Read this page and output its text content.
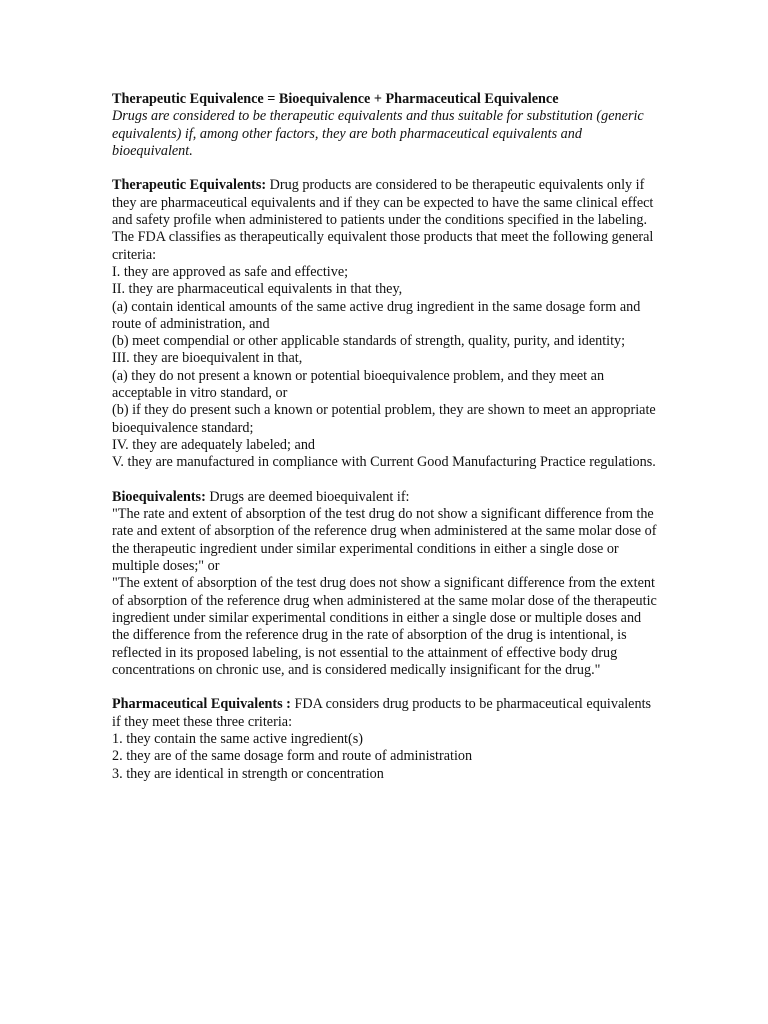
Therapeutic Equivalence = Bioequivalence + Pharmaceutical Equivalence

Drugs are considered to be therapeutic equivalents and thus suitable for substitution (generic equivalents) if, among other factors, they are both pharmaceutical equivalents and bioequivalent.

Therapeutic Equivalents: Drug products are considered to be therapeutic equivalents only if they are pharmaceutical equivalents and if they can be expected to have the same clinical effect and safety profile when administered to patients under the conditions specified in the labeling.

The FDA classifies as therapeutically equivalent those products that meet the following general criteria:

I. they are approved as safe and effective;

II. they are pharmaceutical equivalents in that they,

(a) contain identical amounts of the same active drug ingredient in the same dosage form and route of administration, and

(b) meet compendial or other applicable standards of strength, quality, purity, and identity;

III. they are bioequivalent in that,

(a) they do not present a known or potential bioequivalence problem, and they meet an acceptable in vitro standard, or

(b) if they do present such a known or potential problem, they are shown to meet an appropriate bioequivalence standard;

IV. they are adequately labeled; and

V. they are manufactured in compliance with Current Good Manufacturing Practice regulations.

Bioequivalents: Drugs are deemed bioequivalent if:

"The rate and extent of absorption of the test drug do not show a significant difference from the rate and extent of absorption of the reference drug when administered at the same molar dose of the therapeutic ingredient under similar experimental conditions in either a single dose or multiple doses;" or

"The extent of absorption of the test drug does not show a significant difference from the extent of absorption of the reference drug when administered at the same molar dose of the therapeutic ingredient under similar experimental conditions in either a single dose or multiple doses and the difference from the reference drug in the rate of absorption of the drug is intentional, is reflected in its proposed labeling, is not essential to the attainment of effective body drug concentrations on chronic use, and is considered medically insignificant for the drug."

Pharmaceutical Equivalents : FDA considers drug products to be pharmaceutical equivalents if they meet these three criteria:

1. they contain the same active ingredient(s)

2. they are of the same dosage form and route of administration

3. they are identical in strength or concentration
